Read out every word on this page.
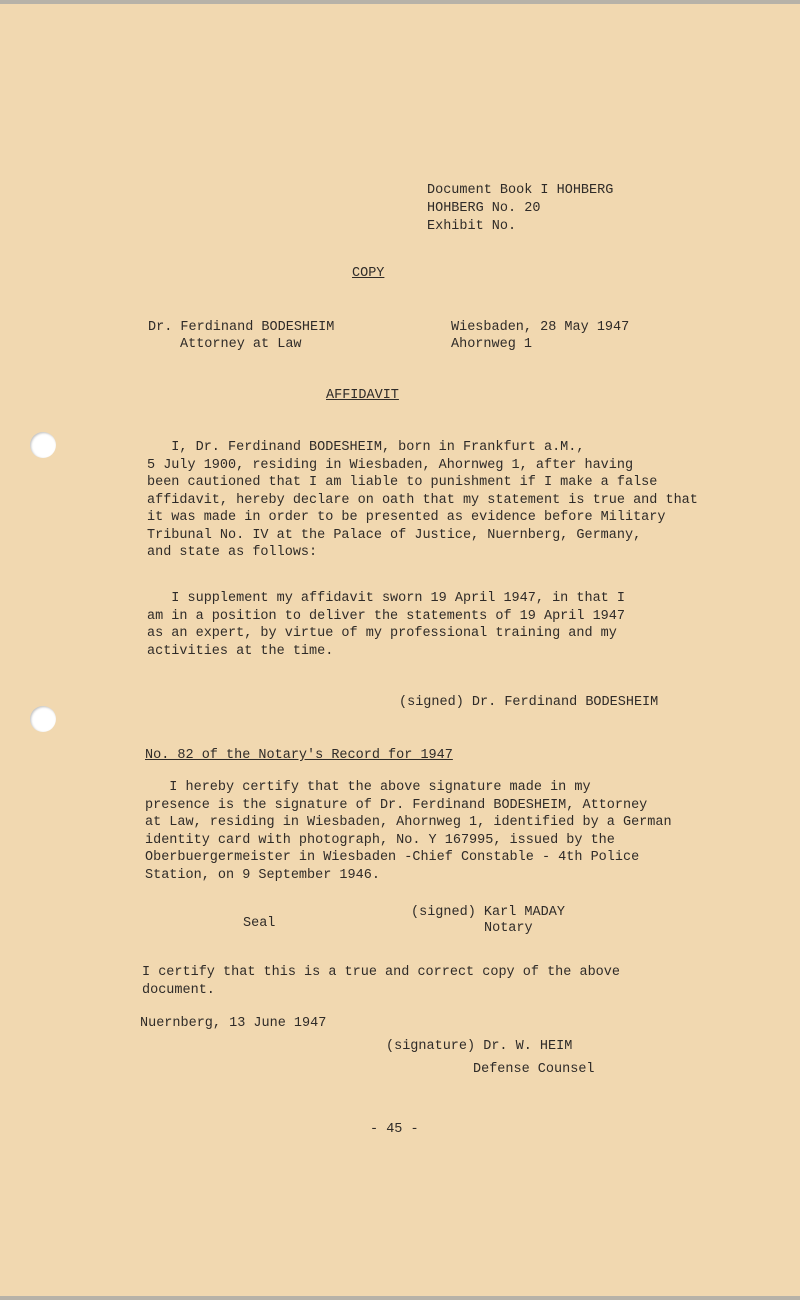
Document Book I HOHBERG
HOHBERG No. 20
Exhibit No.
COPY
Dr. Ferdinand BODESHEIM
Attorney at Law
Wiesbaden, 28 May 1947
Ahornweg 1
AFFIDAVIT
I, Dr. Ferdinand BODESHEIM, born in Frankfurt a.M.,
5 July 1900, residing in Wiesbaden, Ahornweg 1, after having
been cautioned that I am liable to punishment if I make a false
affidavit, hereby declare on oath that my statement is true and that
it was made in order to be presented as evidence before Military
Tribunal No. IV at the Palace of Justice, Nuernberg, Germany,
and state as follows:
I supplement my affidavit sworn 19 April 1947, in that I
am in a position to deliver the statements of 19 April 1947
as an expert, by virtue of my professional training and my
activities at the time.
(signed) Dr. Ferdinand BODESHEIM
No. 82 of the Notary's Record for 1947
I hereby certify that the above signature made in my
presence is the signature of Dr. Ferdinand BODESHEIM, Attorney
at Law, residing in Wiesbaden, Ahornweg 1, identified by a German
identity card with photograph, No. Y 167995, issued by the
Oberbuergermeister in Wiesbaden -Chief Constable - 4th Police
Station, on 9 September 1946.
Seal
(signed) Karl MADAY
Notary
I certify that this is a true and correct copy of the above
document.
Nuernberg, 13 June 1947
(signature) Dr. W. HEIM
Defense Counsel
- 45 -
